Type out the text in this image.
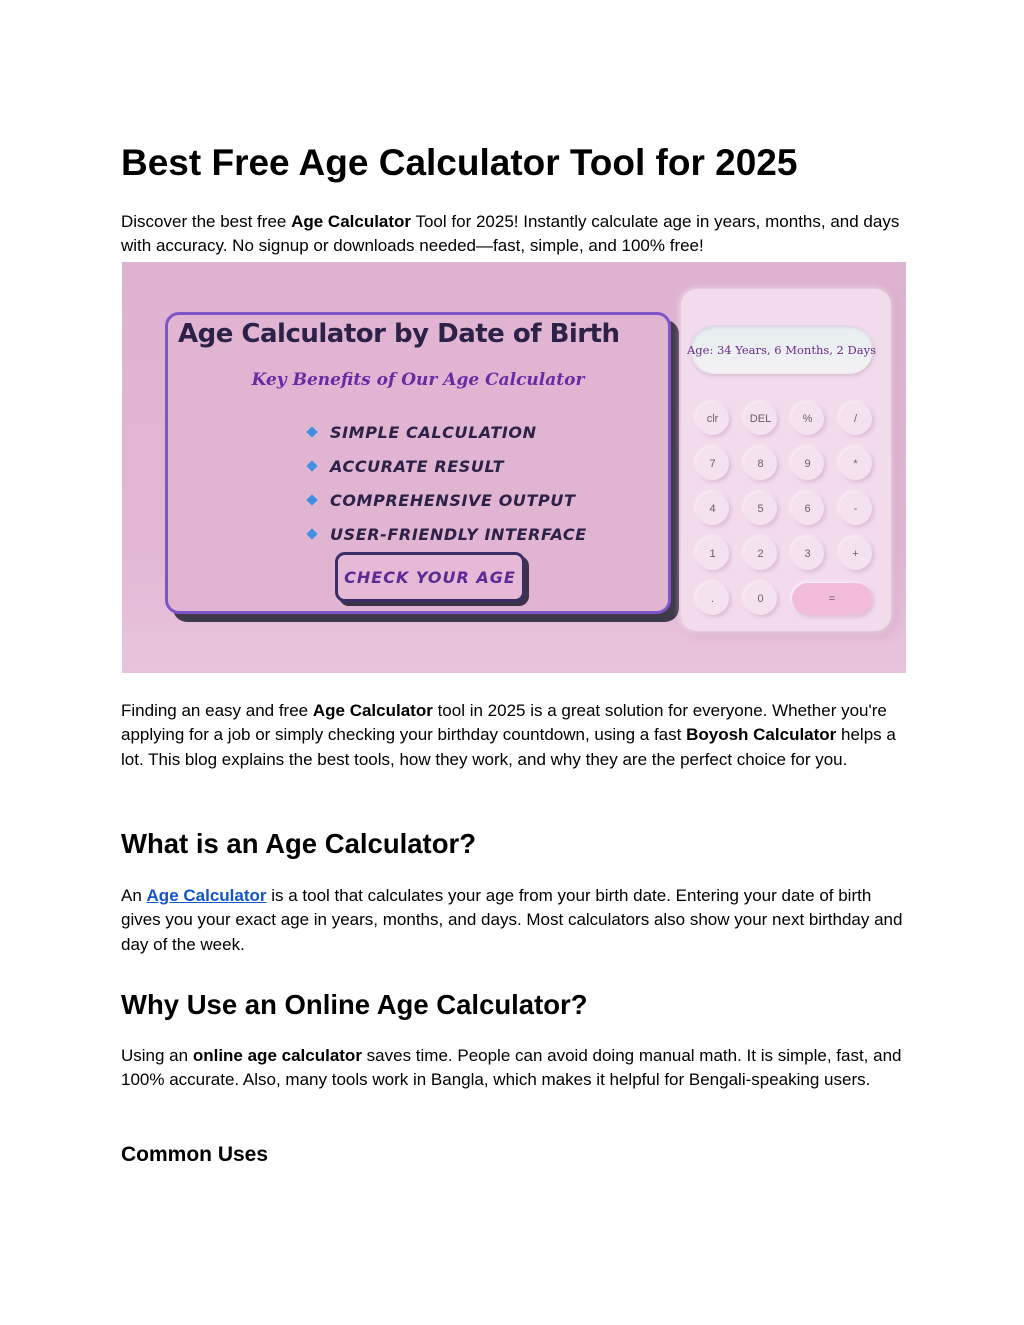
Best Free Age Calculator Tool for 2025

Discover the best free Age Calculator Tool for 2025! Instantly calculate age in years, months, and days with accuracy. No signup or downloads needed—fast, simple, and 100% free!

Finding an easy and free Age Calculator tool in 2025 is a great solution for everyone. Whether you're applying for a job or simply checking your birthday countdown, using a fast Boyosh Calculator helps a lot. This blog explains the best tools, how they work, and why they are the perfect choice for you.

What is an Age Calculator?

An Age Calculator is a tool that calculates your age from your birth date. Entering your date of birth gives you your exact age in years, months, and days. Most calculators also show your next birthday and day of the week.

Why Use an Online Age Calculator?

Using an online age calculator saves time. People can avoid doing manual math. It is simple, fast, and 100% accurate. Also, many tools work in Bangla, which makes it helpful for Bengali-speaking users.

Common Uses
Age Calculator by Date of Birth
Key Benefits of Our Age Calculator
SIMPLE CALCULATION
ACCURATE RESULT
COMPREHENSIVE OUTPUT
USER-FRIENDLY INTERFACE
CHECK YOUR AGE
Age: 34 Years, 6 Months, 2 Days
clr	DEL	%	/
7	8	9	*
4	5	6	-
1	2	3	+
.	0	=
